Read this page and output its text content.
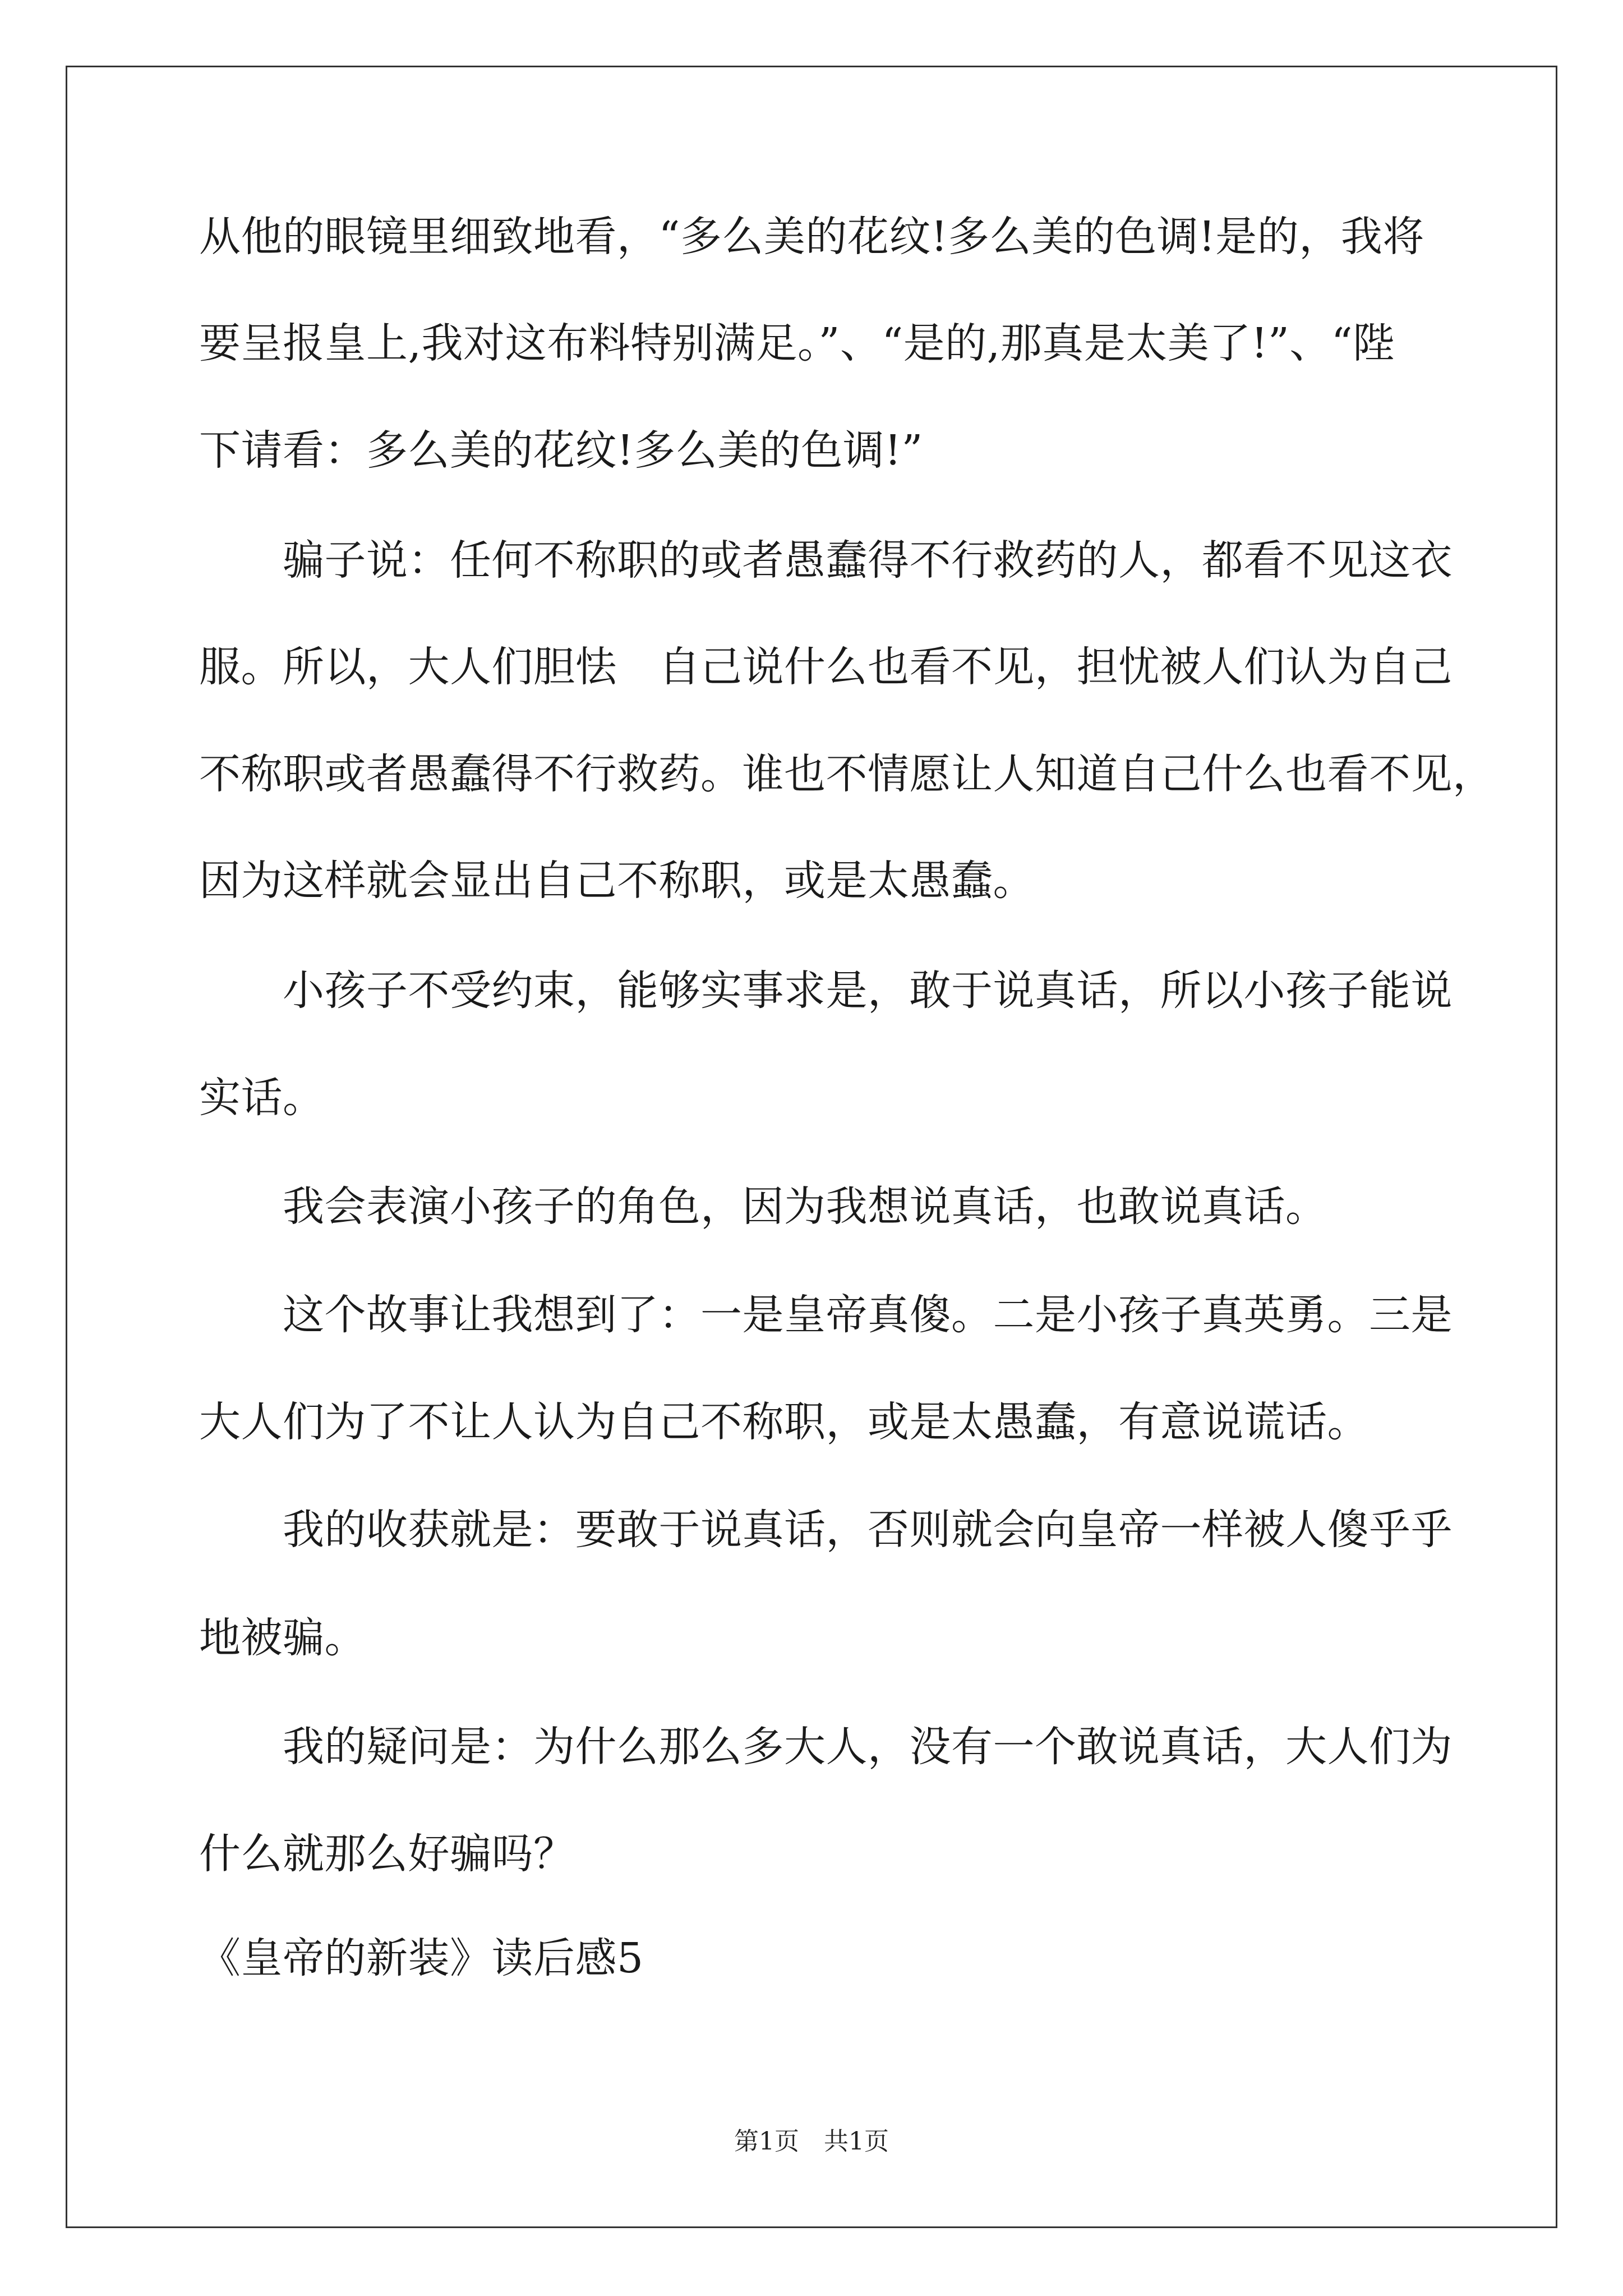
从他的眼镜里细致地看，“多么美的花纹!多么美的色调!是的，我将
要呈报皇上,我对这布料特别满足。”、“是的,那真是太美了!”、“陛
下请看：多么美的花纹!多么美的色调!”
　　骗子说：任何不称职的或者愚蠢得不行救药的人，都看不见这衣
服。所以，大人们胆怯　自己说什么也看不见，担忧被人们认为自己
不称职或者愚蠢得不行救药。谁也不情愿让人知道自己什么也看不见，
因为这样就会显出自己不称职，或是太愚蠢。
　　小孩子不受约束，能够实事求是，敢于说真话，所以小孩子能说
实话。
　　我会表演小孩子的角色，因为我想说真话，也敢说真话。
　　这个故事让我想到了：一是皇帝真傻。二是小孩子真英勇。三是
大人们为了不让人认为自己不称职，或是太愚蠢，有意说谎话。
　　我的收获就是：要敢于说真话，否则就会向皇帝一样被人傻乎乎
地被骗。
　　我的疑问是：为什么那么多大人，没有一个敢说真话，大人们为
什么就那么好骗吗？
《皇帝的新装》读后感5
第1页　共1页
